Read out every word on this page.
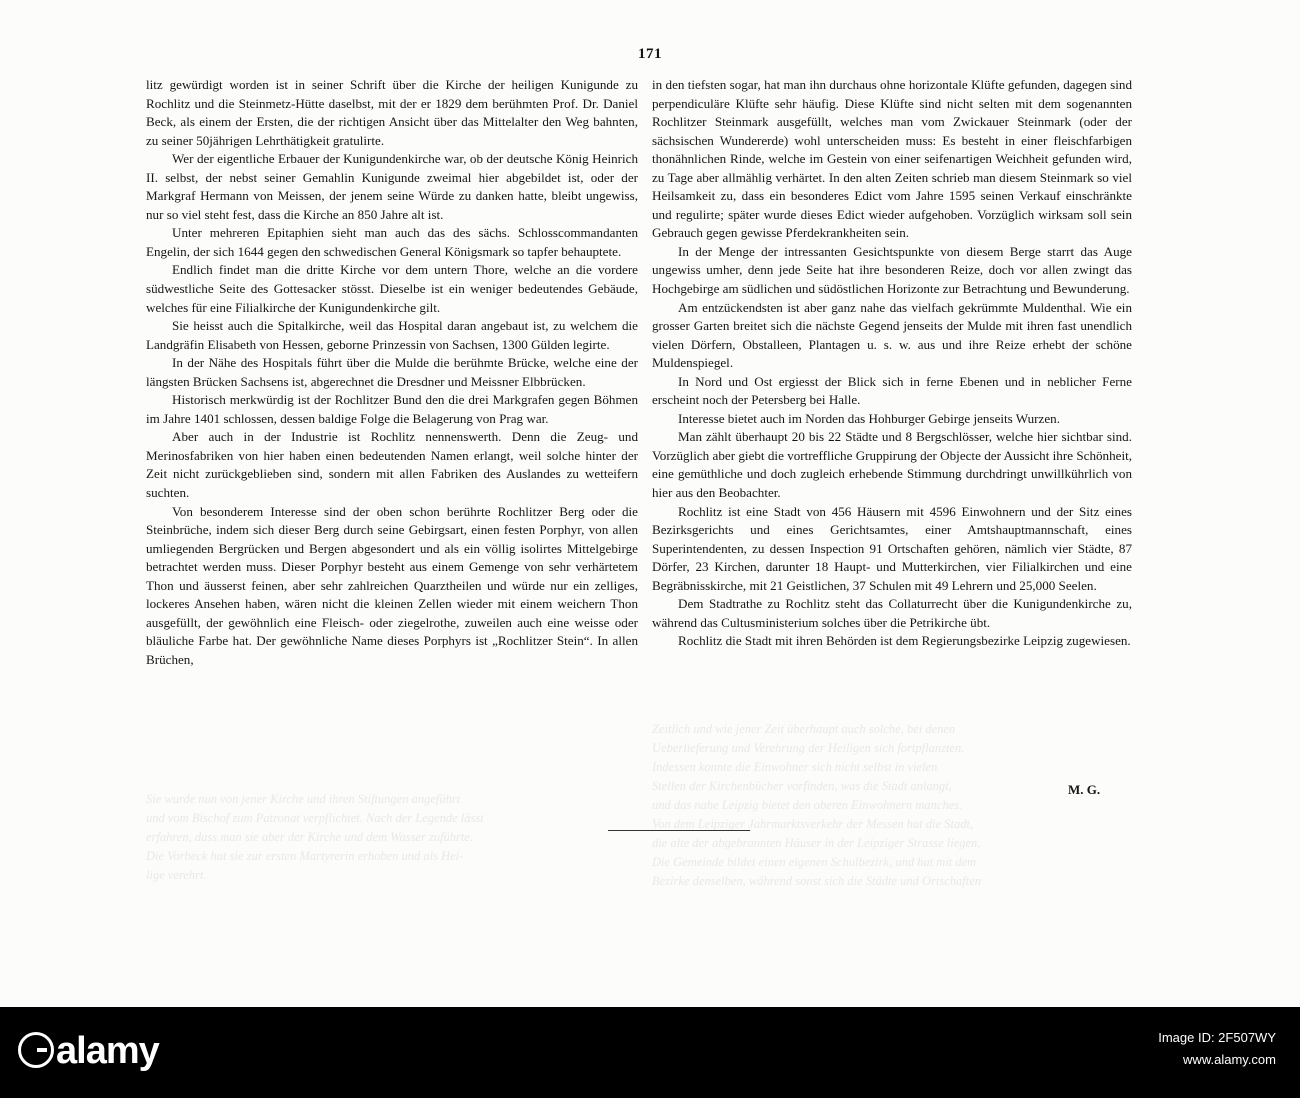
171
Sie wurde nun von jener Kirche und ihren Stiftungen angeführt
und vom Bischof zum Patronat verpflichtet. Nach der Legende lässt
erfahren, dass man sie aber der Kirche und dem Wasser zuführte.
Die Vorbeck hat sie zur ersten Martyrerin erhoben und als Hei-
lige verehrt.
Zeitlich und wie jener Zeit überhaupt auch solche, bei denen
Ueberlieferung und Verehrung der Heiligen sich fortpflanzten.
Indessen konnte die Einwohner sich nicht selbst in vielen
Stellen der Kirchenbücher vorfinden, was die Stadt anlangt,
und das nahe Leipzig bietet den oberen Einwohnern manches.
Von dem Leipziger Jahrmarktsverkehr der Messen hat die Stadt,
die alte der abgebrannten Häuser in der Leipziger Strasse liegen,
Die Gemeinde bildet einen eigenen Schulbezirk, und hat mit dem
Bezirke denselben, während sonst sich die Städte und Ortschaften

litz gewürdigt worden ist in seiner Schrift über die Kirche der heiligen Kunigunde zu Rochlitz und die Steinmetz-Hütte daselbst, mit der er 1829 dem berühmten Prof. Dr. Daniel Beck, als einem der Ersten, die der richtigen Ansicht über das Mittelalter den Weg bahnten, zu seiner 50jährigen Lehrthätigkeit gratulirte.

Wer der eigentliche Erbauer der Kunigundenkirche war, ob der deutsche König Heinrich II. selbst, der nebst seiner Gemahlin Kunigunde zweimal hier abgebildet ist, oder der Markgraf Hermann von Meissen, der jenem seine Würde zu danken hatte, bleibt ungewiss, nur so viel steht fest, dass die Kirche an 850 Jahre alt ist.

Unter mehreren Epitaphien sieht man auch das des sächs. Schlosscommandanten Engelin, der sich 1644 gegen den schwedischen General Königsmark so tapfer behauptete.

Endlich findet man die dritte Kirche vor dem untern Thore, welche an die vordere südwestliche Seite des Gottesacker stösst. Dieselbe ist ein weniger bedeutendes Gebäude, welches für eine Filialkirche der Kunigundenkirche gilt.

Sie heisst auch die Spitalkirche, weil das Hospital daran angebaut ist, zu welchem die Landgräfin Elisabeth von Hessen, geborne Prinzessin von Sachsen, 1300 Gülden legirte.

In der Nähe des Hospitals führt über die Mulde die berühmte Brücke, welche eine der längsten Brücken Sachsens ist, abgerechnet die Dresdner und Meissner Elbbrücken.

Historisch merkwürdig ist der Rochlitzer Bund den die drei Markgrafen gegen Böhmen im Jahre 1401 schlossen, dessen baldige Folge die Belagerung von Prag war.

Aber auch in der Industrie ist Rochlitz nennenswerth. Denn die Zeug- und Merinosfabriken von hier haben einen bedeutenden Namen erlangt, weil solche hinter der Zeit nicht zurückgeblieben sind, sondern mit allen Fabriken des Auslandes zu wetteifern suchten.

Von besonderem Interesse sind der oben schon berührte Rochlitzer Berg oder die Steinbrüche, indem sich dieser Berg durch seine Gebirgsart, einen festen Porphyr, von allen umliegenden Bergrücken und Bergen abgesondert und als ein völlig isolirtes Mittelgebirge betrachtet werden muss. Dieser Porphyr besteht aus einem Gemenge von sehr verhärtetem Thon und äusserst feinen, aber sehr zahlreichen Quarztheilen und würde nur ein zelliges, lockeres Ansehen haben, wären nicht die kleinen Zellen wieder mit einem weichern Thon ausgefüllt, der gewöhnlich eine Fleisch- oder ziegelrothe, zuweilen auch eine weisse oder bläuliche Farbe hat. Der gewöhnliche Name dieses Porphyrs ist „Rochlitzer Stein“. In allen Brüchen,

in den tiefsten sogar, hat man ihn durchaus ohne horizontale Klüfte gefunden, dagegen sind perpendiculäre Klüfte sehr häufig. Diese Klüfte sind nicht selten mit dem sogenannten Rochlitzer Steinmark ausgefüllt, welches man vom Zwickauer Steinmark (oder der sächsischen Wundererde) wohl unterscheiden muss: Es besteht in einer fleischfarbigen thonähnlichen Rinde, welche im Gestein von einer seifenartigen Weichheit gefunden wird, zu Tage aber allmählig verhärtet. In den alten Zeiten schrieb man diesem Steinmark so viel Heilsamkeit zu, dass ein besonderes Edict vom Jahre 1595 seinen Verkauf einschränkte und regulirte; später wurde dieses Edict wieder aufgehoben. Vorzüglich wirksam soll sein Gebrauch gegen gewisse Pferdekrankheiten sein.

In der Menge der intressanten Gesichtspunkte von diesem Berge starrt das Auge ungewiss umher, denn jede Seite hat ihre besonderen Reize, doch vor allen zwingt das Hochgebirge am südlichen und südöstlichen Horizonte zur Betrachtung und Bewunderung.

Am entzückendsten ist aber ganz nahe das vielfach gekrümmte Muldenthal. Wie ein grosser Garten breitet sich die nächste Gegend jenseits der Mulde mit ihren fast unendlich vielen Dörfern, Obstalleen, Plantagen u. s. w. aus und ihre Reize erhebt der schöne Muldenspiegel.

In Nord und Ost ergiesst der Blick sich in ferne Ebenen und in neblicher Ferne erscheint noch der Petersberg bei Halle.

Interesse bietet auch im Norden das Hohburger Gebirge jenseits Wurzen.

Man zählt überhaupt 20 bis 22 Städte und 8 Bergschlösser, welche hier sichtbar sind. Vorzüglich aber giebt die vortreffliche Gruppirung der Objecte der Aussicht ihre Schönheit, eine gemüthliche und doch zugleich erhebende Stimmung durchdringt unwillkührlich von hier aus den Beobachter.

Rochlitz ist eine Stadt von 456 Häusern mit 4596 Einwohnern und der Sitz eines Bezirksgerichts und eines Gerichtsamtes, einer Amtshauptmannschaft, eines Superintendenten, zu dessen Inspection 91 Ortschaften gehören, nämlich vier Städte, 87 Dörfer, 23 Kirchen, darunter 18 Haupt- und Mutterkirchen, vier Filialkirchen und eine Begräbnisskirche, mit 21 Geistlichen, 37 Schulen mit 49 Lehrern und 25,000 Seelen.

Dem Stadtrathe zu Rochlitz steht das Collaturrecht über die Kunigundenkirche zu, während das Cultusministerium solches über die Petrikirche übt.

Rochlitz die Stadt mit ihren Behörden ist dem Regierungsbezirke Leipzig zugewiesen.

M. G.
alamy	Image ID: 2F507WY
www.alamy.com
